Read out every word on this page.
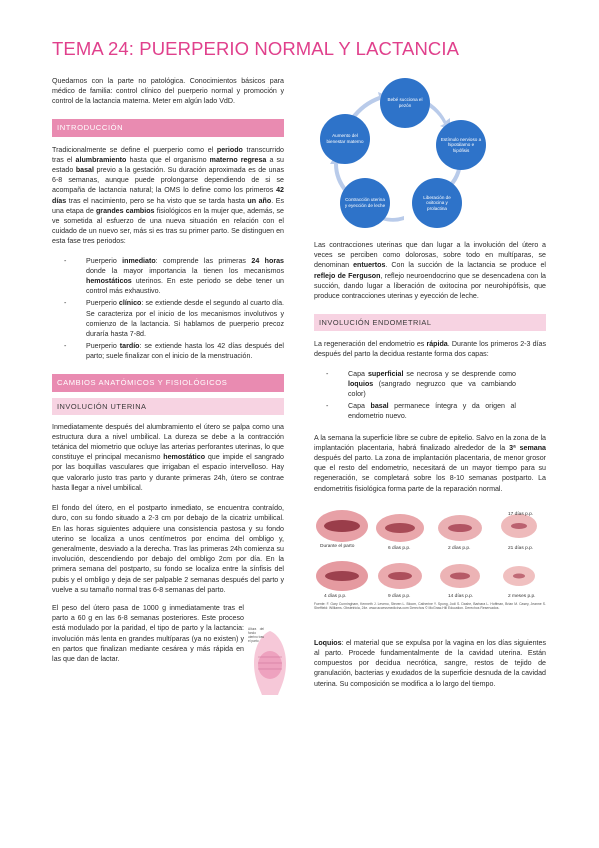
TEMA 24: PUERPERIO NORMAL Y LACTANCIA

Quedarnos con la parte no patológica. Conocimientos básicos para médico de familia: control clínico del puerperio normal y promoción y control de la lactancia materna. Meter em algún lado VdD.

INTRODUCCIÓN

Tradicionalmente se define el puerperio como el periodo transcurrido tras el alumbramiento hasta que el organismo materno regresa a su estado basal previo a la gestación. Su duración aproximada es de unas 6-8 semanas, aunque puede prolongarse dependiendo de si se acompaña de lactancia natural; la OMS lo define como los primeros 42 días tras el nacimiento, pero se ha visto que se tarda hasta un año. Es una etapa de grandes cambios fisiológicos en la mujer que, además, se ve sometida al esfuerzo de una nueva situación en relación con el cuidado de un nuevo ser, más si es tras su primer parto. Se distinguen en esta fase tres periodos:

- Puerperio inmediato: comprende las primeras 24 horas donde la mayor importancia la tienen los mecanismos hemostáticos uterinos. En este periodo se debe tener un control más exhaustivo.
- Puerperio clínico: se extiende desde el segundo al cuarto día. Se caracteriza por el inicio de los mecanismos involutivos y comienzo de la lactancia. Si hablamos de puerperio precoz duraría hasta 7-8d.
- Puerperio tardío: se extiende hasta los 42 días después del parto; suele finalizar con el inicio de la menstruación.
CAMBIOS ANATÓMICOS Y FISIOLÓGICOS
INVOLUCIÓN UTERINA

Inmediatamente después del alumbramiento el útero se palpa como una estructura dura a nivel umbilical. La dureza se debe a la contracción tetánica del miometrio que ocluye las arterias perforantes uterinas, lo que constituye el principal mecanismo hemostático que impide el sangrado por las boquillas vasculares que irrigaban el espacio intervelloso. Hay que valorarlo justo tras parto y durante primeras 24h, útero se contrae hasta llegar a nivel umbilical.

El fondo del útero, en el postparto inmediato, se encuentra contraído, duro, con su fondo situado a 2-3 cm por debajo de la cicatriz umbilical. En las horas siguientes adquiere una consistencia pastosa y su fondo uterino se localiza a unos centímetros por encima del ombligo y, generalmente, desviado a la derecha. Tras las primeras 24h comienza su involución, descendiendo por debajo del ombligo 2cm por día. En la primera semana del postparto, su fondo se localiza entre la sínfisis del pubis y el ombligo y deja de ser palpable 2 semanas después del parto y vuelve a su tamaño normal tras 6-8 semanas del parto.

El peso del útero pasa de 1000 g inmediatamente tras el parto a 60 g en las 6-8 semanas posteriores. Este proceso está modulado por la paridad, el tipo de parto y la lactancia: involución más lenta en grandes multíparas (ya no existen) y en partos que finalizan mediante cesárea y más rápida en las que dan de lactar.

Altura del fondo uterino tras el parto
Bebé succiona el pezón
Estímulo nervioso a hipotálamo e hipófisis
Liberación de oxitocina y prolactina
Contracción uterina y eyección de leche
Aumento del bienestar materno

Las contracciones uterinas que dan lugar a la involución del útero a veces se perciben como dolorosas, sobre todo en multíparas, se denominan entuertos. Con la succión de la lactancia se produce el reflejo de Ferguson, reflejo neuroendocrino que se desencadena con la succión, dando lugar a liberación de oxitocina por neurohipófisis, que produce contracciones uterinas y eyección de leche.

INVOLUCIÓN ENDOMETRIAL

La regeneración del endometrio es rápida. Durante los primeros 2-3 días después del parto la decidua restante forma dos capas:

- Capa superficial se necrosa y se desprende como loquios (sangrado negruzco que va cambiando color)
- Capa basal permanece íntegra y da origen al endometrio nuevo.

A la semana la superficie libre se cubre de epitelio. Salvo en la zona de la implantación placentaria, habrá finalizado alrededor de la 3ª semana después del parto. La zona de implantación placentaria, de menor grosor que el resto del endometrio, necesitará de un mayor tiempo para su regeneración, se completará sobre los 8-10 semanas postparto. La endometritis fisiológica forma parte de la reparación normal.

Durante el parto	6 días p.p.	2 días p.p.
17 días p.p.
21 días p.p.
4 días p.p.	9 días p.p.	14 días p.p.	2 meses p.p.
Fuente: F. Gary Cunningham, Kenneth J. Leveno, Steven L. Bloom, Catherine Y. Spong, Jodi S. Dashe, Barbara L. Hoffman, Brian M. Casey, Jeanne S. Sheffield: Williams. Obstetricia, 24e. www.accessmedicina.com Derechos © McGraw-Hill Education. Derechos Reservados.

Loquios: el material que se expulsa por la vagina en los días siguientes al parto. Procede fundamentalmente de la cavidad uterina. Están compuestos por decidua necrótica, sangre, restos de tejido de granulación, bacterias y exudados de la superficie desnuda de la cavidad uterina. Su composición se modifica a lo largo del tiempo.
